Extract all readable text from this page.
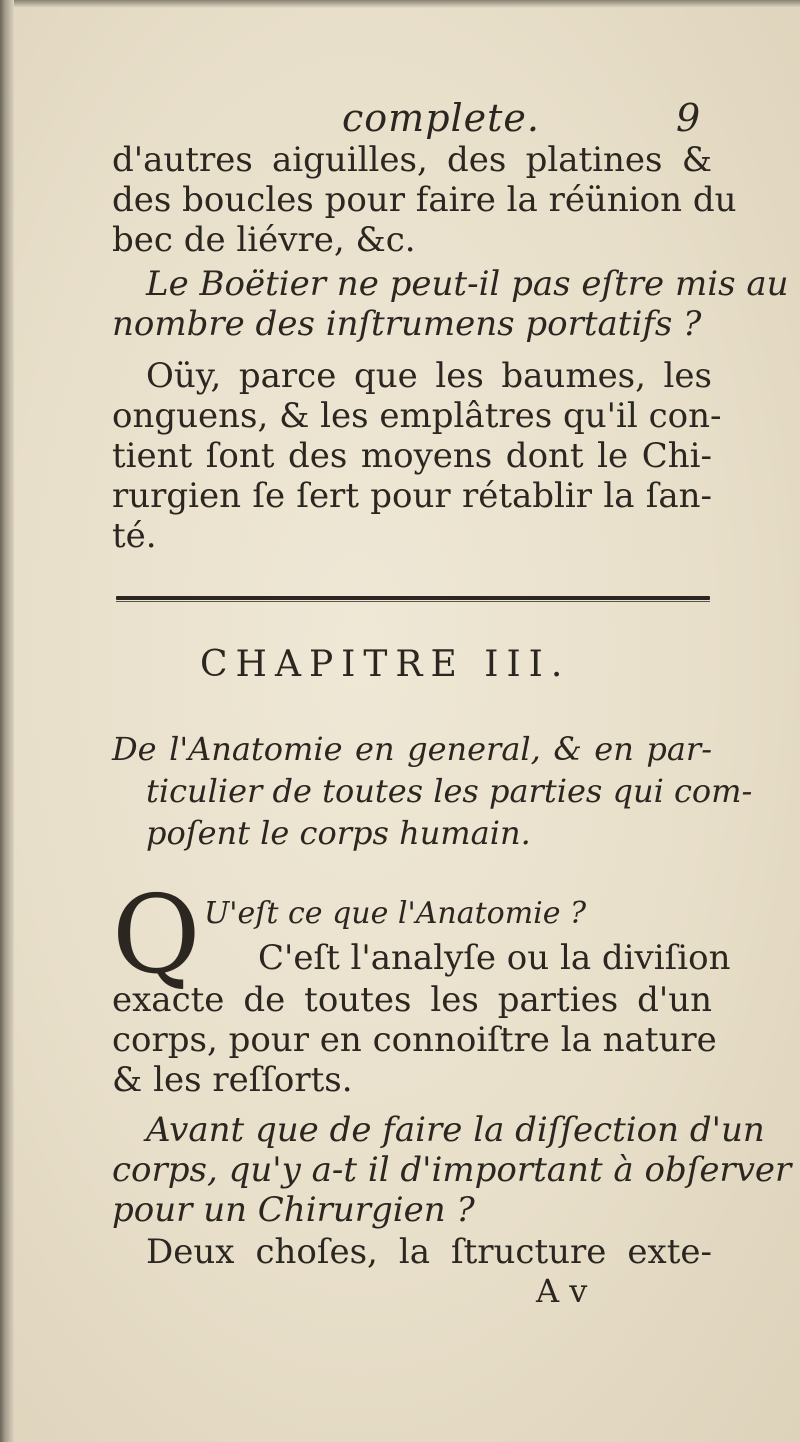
complete.	9
d'autres aiguilles, des platines &
des boucles pour faire la réünion du
bec de liévre, &c.
Le Boëtier ne peut-il pas eſtre mis au
nombre des inſtrumens portatifs ?
Oüy, parce que les baumes, les
onguens, & les emplâtres qu'il con-
tient ſont des moyens dont le Chi-
rurgien ſe ſert pour rétablir la ſan-
té.
CHAPITRE III.
De l'Anatomie en general, & en par-
ticulier de toutes les parties qui com-
poſent le corps humain.
Q U'eſt ce que l'Anatomie ?
C'eſt l'analyſe ou la diviſion
exacte de toutes les parties d'un
corps, pour en connoiſtre la nature
& les reſſorts.
Avant que de faire la diſſection d'un
corps, qu'y a-t il d'important à obſerver
pour un Chirurgien ?
Deux choſes, la ſtructure exte-
A v
